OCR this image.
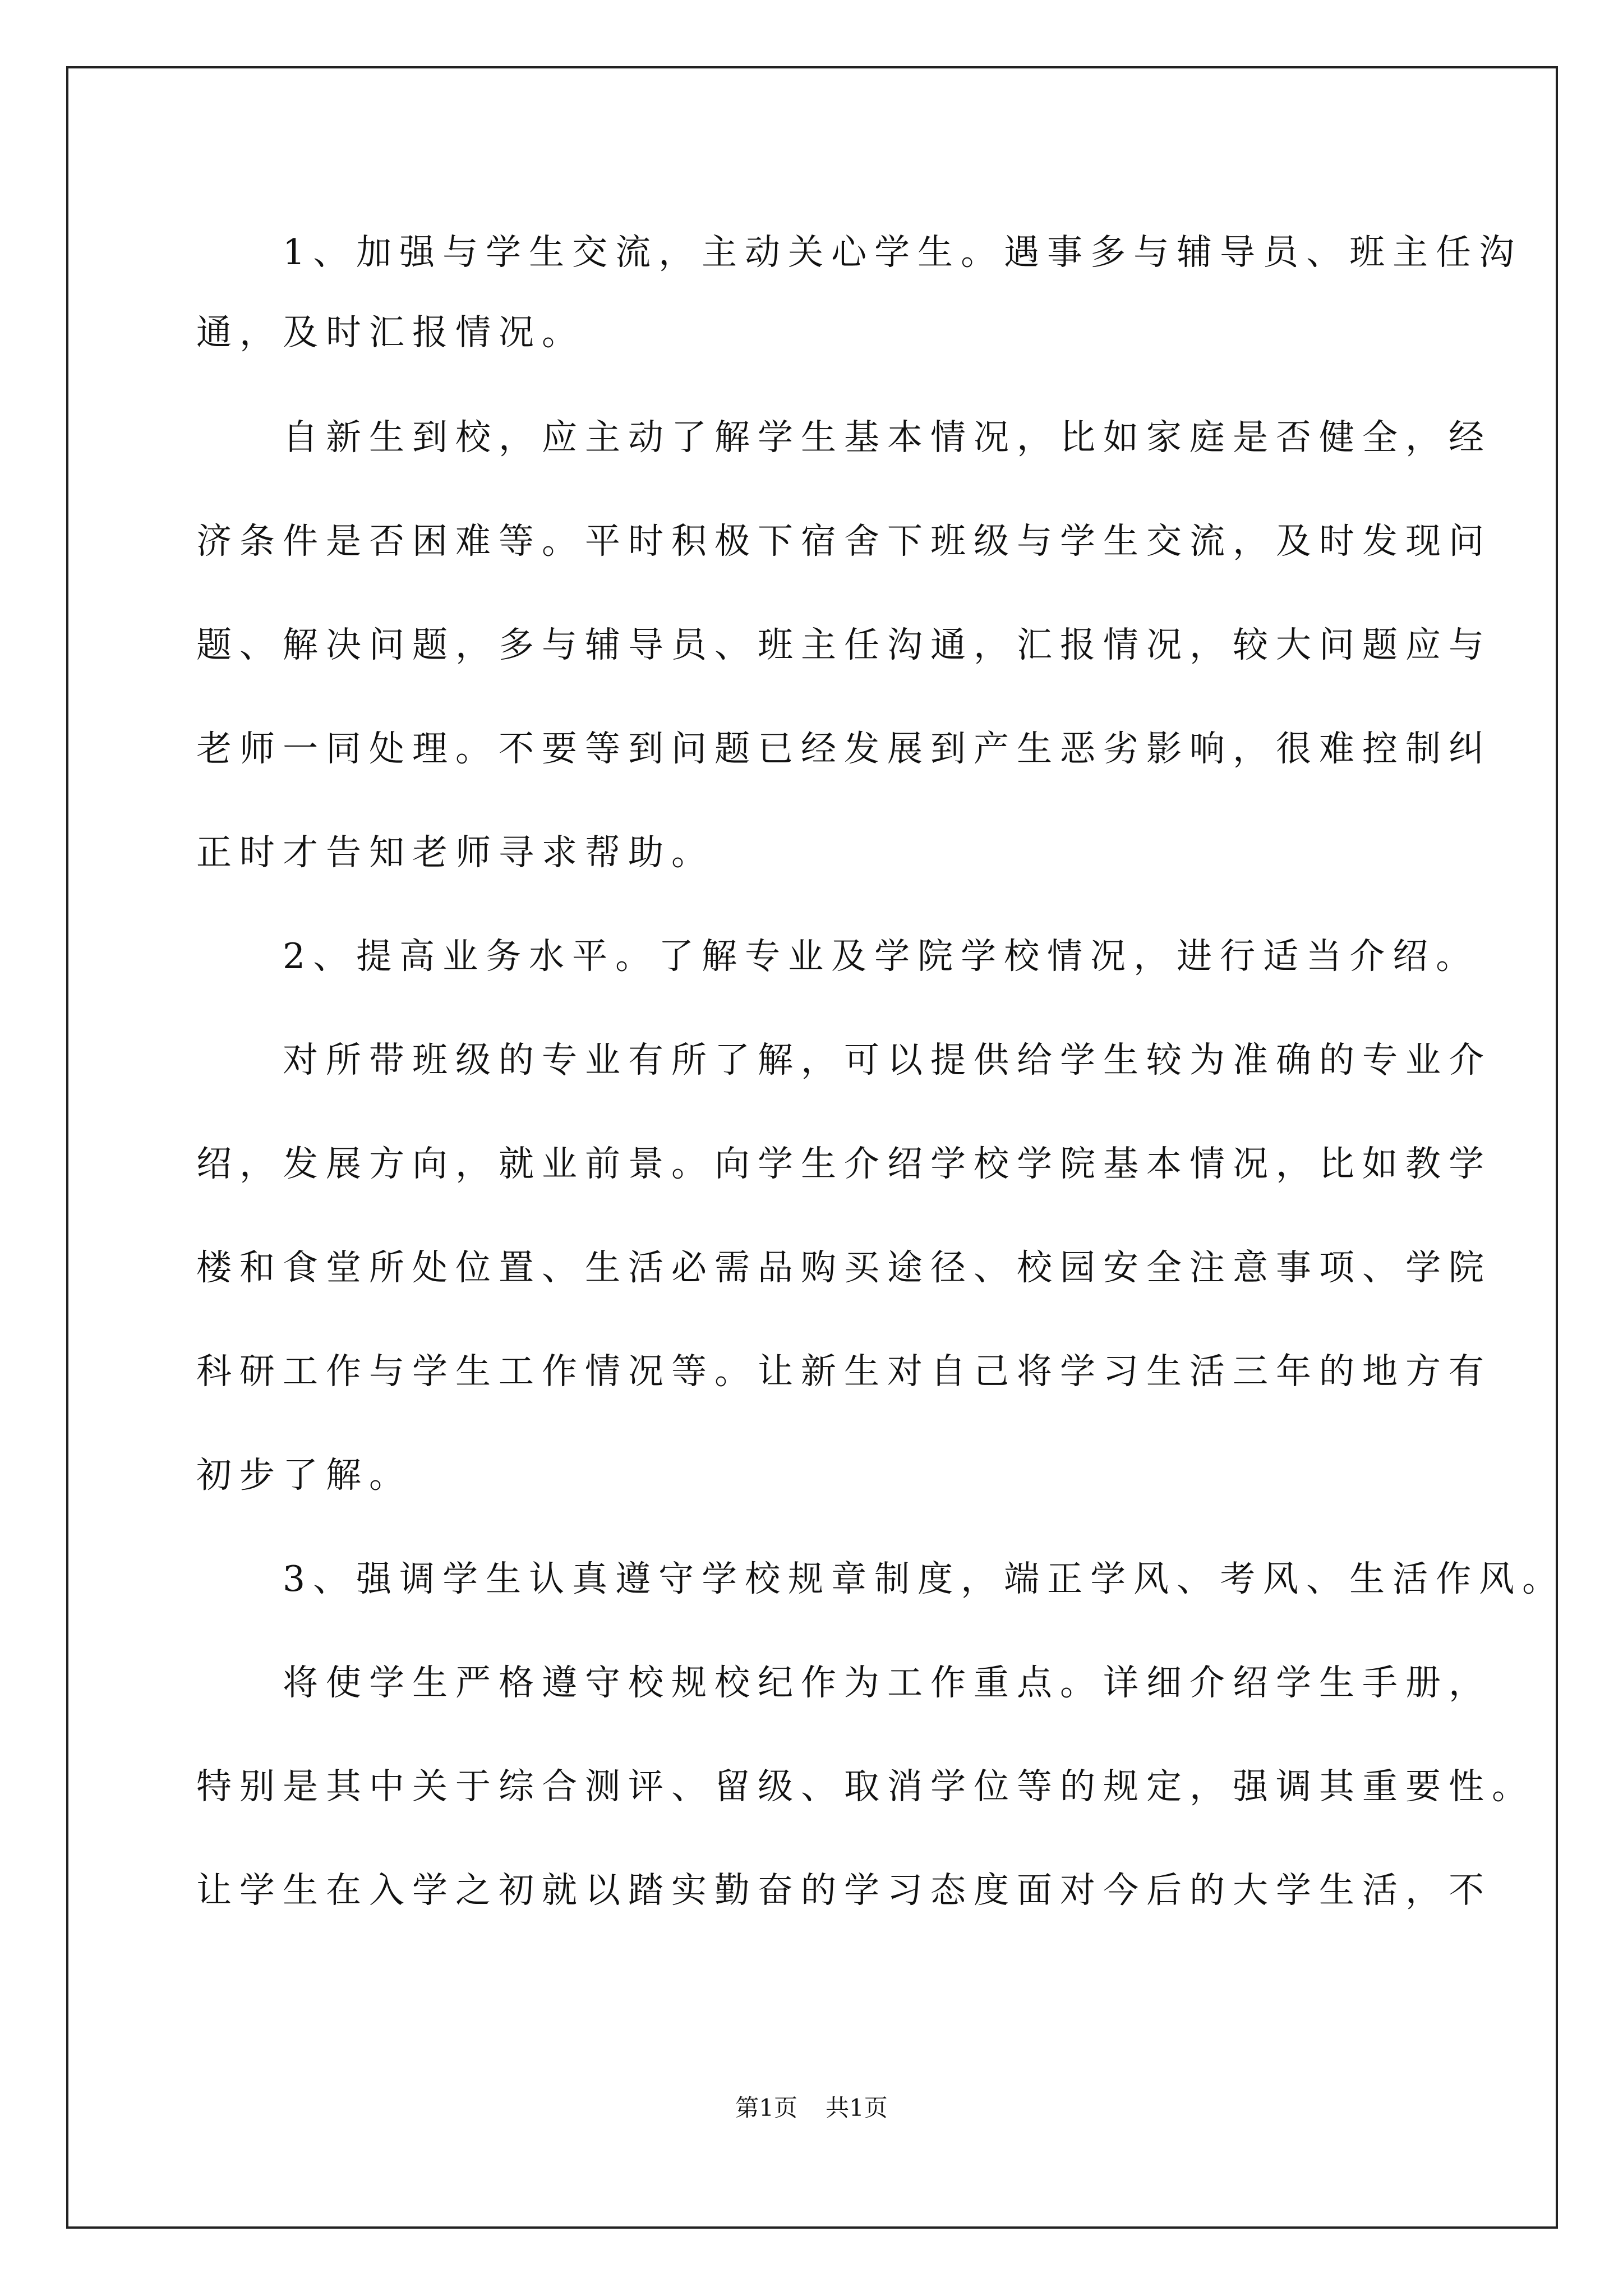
　　1、加强与学生交流，主动关心学生。遇事多与辅导员、班主任沟
通，及时汇报情况。
　　自新生到校，应主动了解学生基本情况，比如家庭是否健全，经
济条件是否困难等。平时积极下宿舍下班级与学生交流，及时发现问
题、解决问题，多与辅导员、班主任沟通，汇报情况，较大问题应与
老师一同处理。不要等到问题已经发展到产生恶劣影响，很难控制纠
正时才告知老师寻求帮助。
　　2、提高业务水平。了解专业及学院学校情况，进行适当介绍。
　　对所带班级的专业有所了解，可以提供给学生较为准确的专业介
绍，发展方向，就业前景。向学生介绍学校学院基本情况，比如教学
楼和食堂所处位置、生活必需品购买途径、校园安全注意事项、学院
科研工作与学生工作情况等。让新生对自己将学习生活三年的地方有
初步了解。
　　3、强调学生认真遵守学校规章制度，端正学风、考风、生活作风。
　　将使学生严格遵守校规校纪作为工作重点。详细介绍学生手册，
特别是其中关于综合测评、留级、取消学位等的规定，强调其重要性。
让学生在入学之初就以踏实勤奋的学习态度面对今后的大学生活，不
第1页 共1页
